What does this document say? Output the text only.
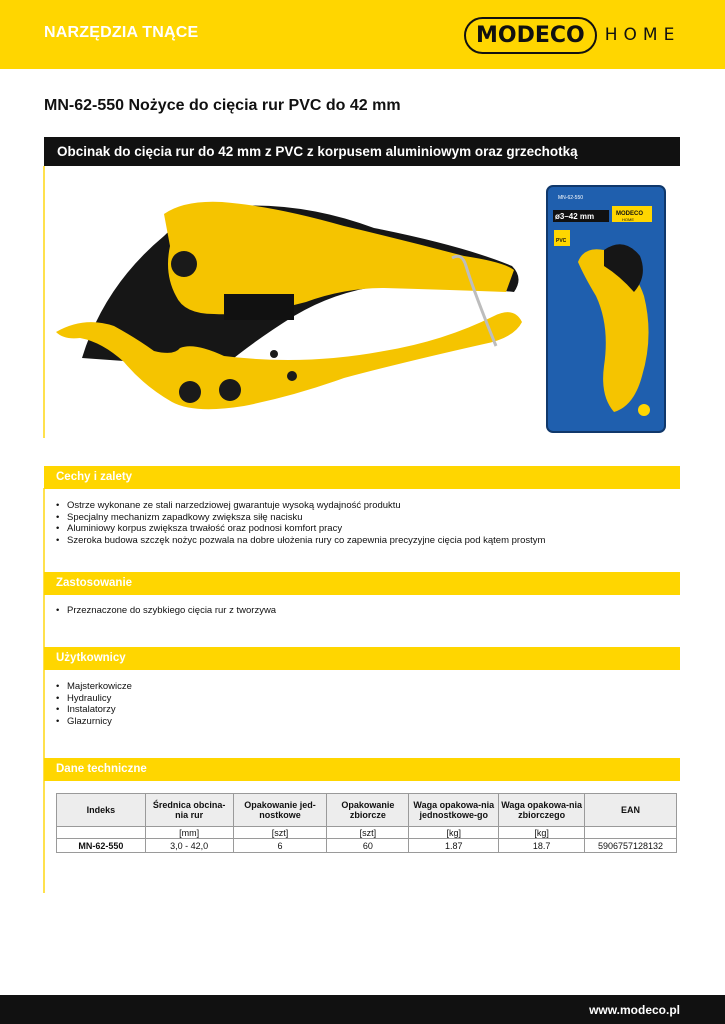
NARZĘDZIA TNĄCE	MODECO	HOME
MN-62-550 Nożyce do cięcia rur PVC do 42 mm
Obcinak do cięcia rur do 42 mm z PVC z korpusem aluminiowym oraz grzechotką
MN-62-550
ø3–42 mm	MODECO
HOME
PVC
Cechy i zalety
• Ostrze wykonane ze stali narzedziowej gwarantuje wysoką wydajność produktu
• Specjalny mechanizm zapadkowy zwiększa siłę nacisku
• Aluminiowy korpus zwiększa trwałość oraz podnosi komfort pracy
• Szeroka budowa szczęk nożyc pozwala na dobre ułożenia rury co zapewnia precyzyjne cięcia pod kątem prostym
Zastosowanie
• Przeznaczone do szybkiego cięcia rur z tworzywa
Użytkownicy
• Majsterkowicze
• Hydraulicy
• Instalatorzy
• Glazurnicy
Dane techniczne
Indeks	Średnica obcina-nia rur	Opakowanie jed-nostkowe	Opakowanie zbiorcze	Waga opakowa-nia jednostkowe-go	Waga opakowa-nia zbiorczego	EAN
	[mm]	[szt]	[szt]	[kg]	[kg]	
MN-62-550	3,0 - 42,0	6	60	1.87	18.7	5906757128132
www.modeco.pl
